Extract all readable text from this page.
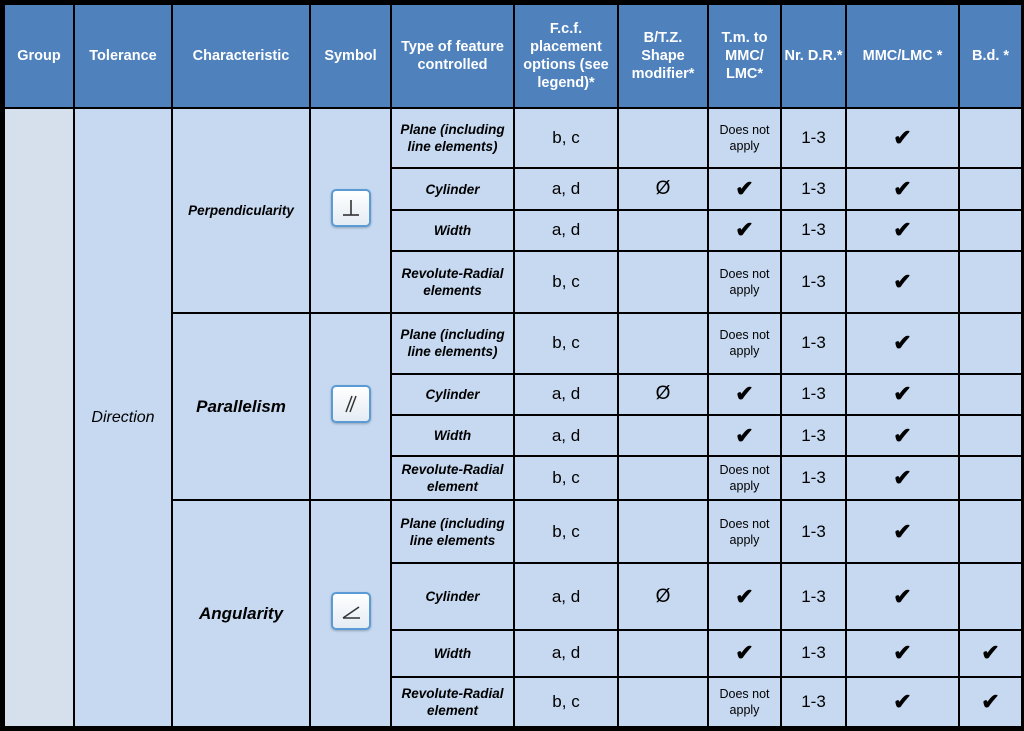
Group	Tolerance	Characteristic	Symbol	Type of feature controlled	F.c.f. placement options (see legend)*	B/T.Z. Shape modifier*	T.m. to MMC/ LMC*	Nr. D.R.*	MMC/LMC *	B.d. *
	Direction	Perpendicularity		Plane (including line elements)	b, c		Does not apply	1-3	✔	
				Cylinder	a, d	Ø	✔	1-3	✔	
				Width	a, d		✔	1-3	✔	
				Revolute-Radial elements	b, c		Does not apply	1-3	✔	
		Parallelism		Plane (including line elements)	b, c		Does not apply	1-3	✔	
				Cylinder	a, d	Ø	✔	1-3	✔	
				Width	a, d		✔	1-3	✔	
				Revolute-Radial element	b, c		Does not apply	1-3	✔	
		Angularity		Plane (including line elements	b, c		Does not apply	1-3	✔	
				Cylinder	a, d	Ø	✔	1-3	✔	
				Width	a, d		✔	1-3	✔	✔
				Revolute-Radial element	b, c		Does not apply	1-3	✔	✔
